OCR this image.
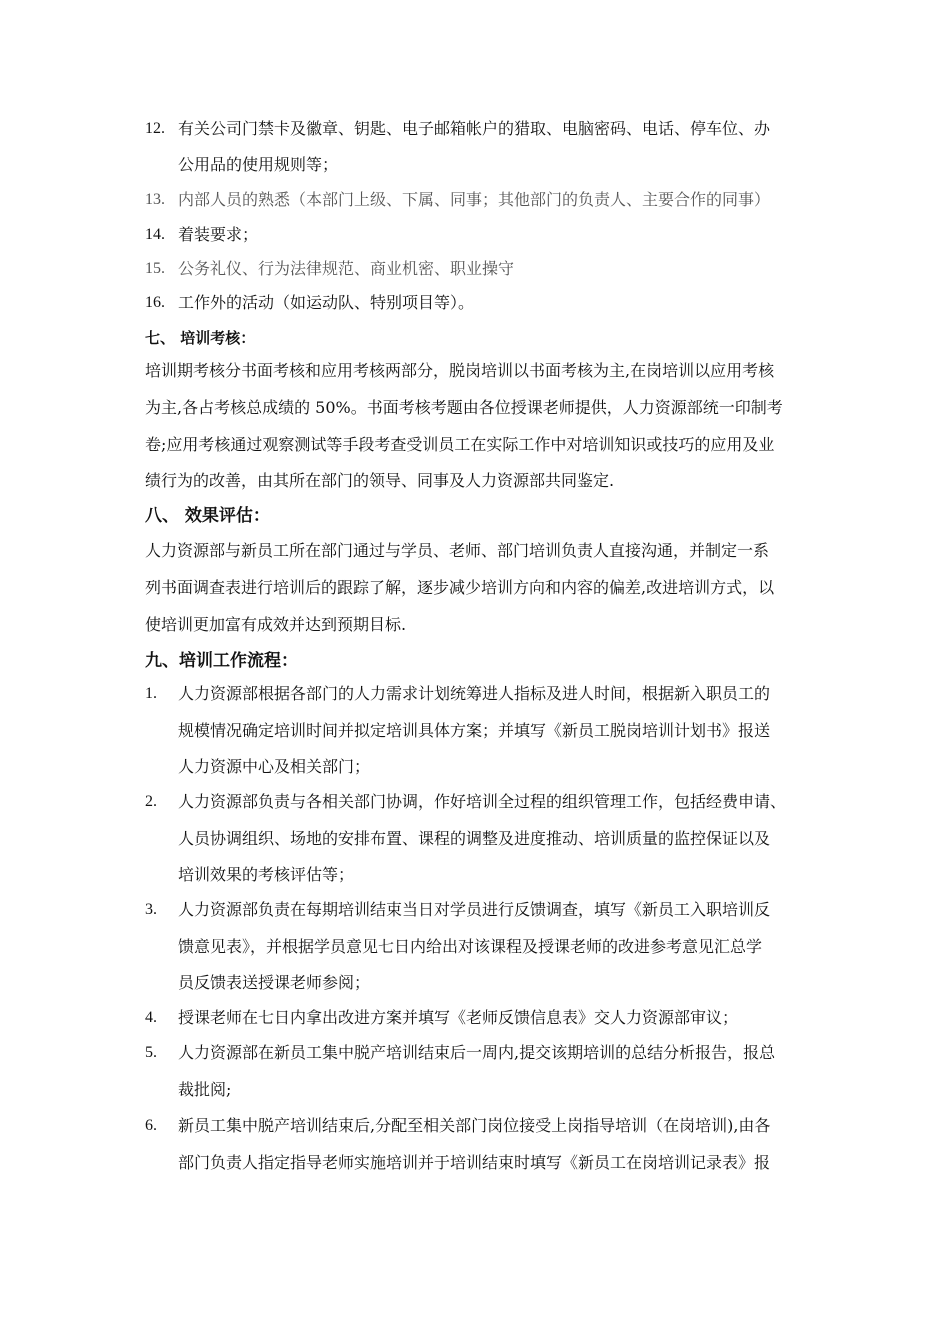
12. 有关公司门禁卡及徽章、钥匙、电子邮箱帐户的猎取、电脑密码、电话、停车位、办
公用品的使用规则等；
13. 内部人员的熟悉（本部门上级、下属、同事；其他部门的负责人、主要合作的同事）
14. 着装要求；
15. 公务礼仪、行为法律规范、商业机密、职业操守
16. 工作外的活动（如运动队、特别项目等）。
七、 培训考核：
培训期考核分书面考核和应用考核两部分，脱岗培训以书面考核为主,在岗培训以应用考核
为主,各占考核总成绩的 50%。书面考核考题由各位授课老师提供，人力资源部统一印制考
卷;应用考核通过观察测试等手段考查受训员工在实际工作中对培训知识或技巧的应用及业
绩行为的改善，由其所在部门的领导、同事及人力资源部共同鉴定.
八、 效果评估：
人力资源部与新员工所在部门通过与学员、老师、部门培训负责人直接沟通，并制定一系
列书面调查表进行培训后的跟踪了解，逐步减少培训方向和内容的偏差,改进培训方式，以
使培训更加富有成效并达到预期目标.
九、培训工作流程：
1. 人力资源部根据各部门的人力需求计划统筹进人指标及进人时间，根据新入职员工的
规模情况确定培训时间并拟定培训具体方案；并填写《新员工脱岗培训计划书》报送
人力资源中心及相关部门；
2. 人力资源部负责与各相关部门协调，作好培训全过程的组织管理工作，包括经费申请、
人员协调组织、场地的安排布置、课程的调整及进度推动、培训质量的监控保证以及
培训效果的考核评估等；
3. 人力资源部负责在每期培训结束当日对学员进行反馈调查，填写《新员工入职培训反
馈意见表》，并根据学员意见七日内给出对该课程及授课老师的改进参考意见汇总学
员反馈表送授课老师参阅；
4. 授课老师在七日内拿出改进方案并填写《老师反馈信息表》交人力资源部审议；
5. 人力资源部在新员工集中脱产培训结束后一周内,提交该期培训的总结分析报告，报总
裁批阅;
6. 新员工集中脱产培训结束后,分配至相关部门岗位接受上岗指导培训（在岗培训),由各
部门负责人指定指导老师实施培训并于培训结束时填写《新员工在岗培训记录表》报
